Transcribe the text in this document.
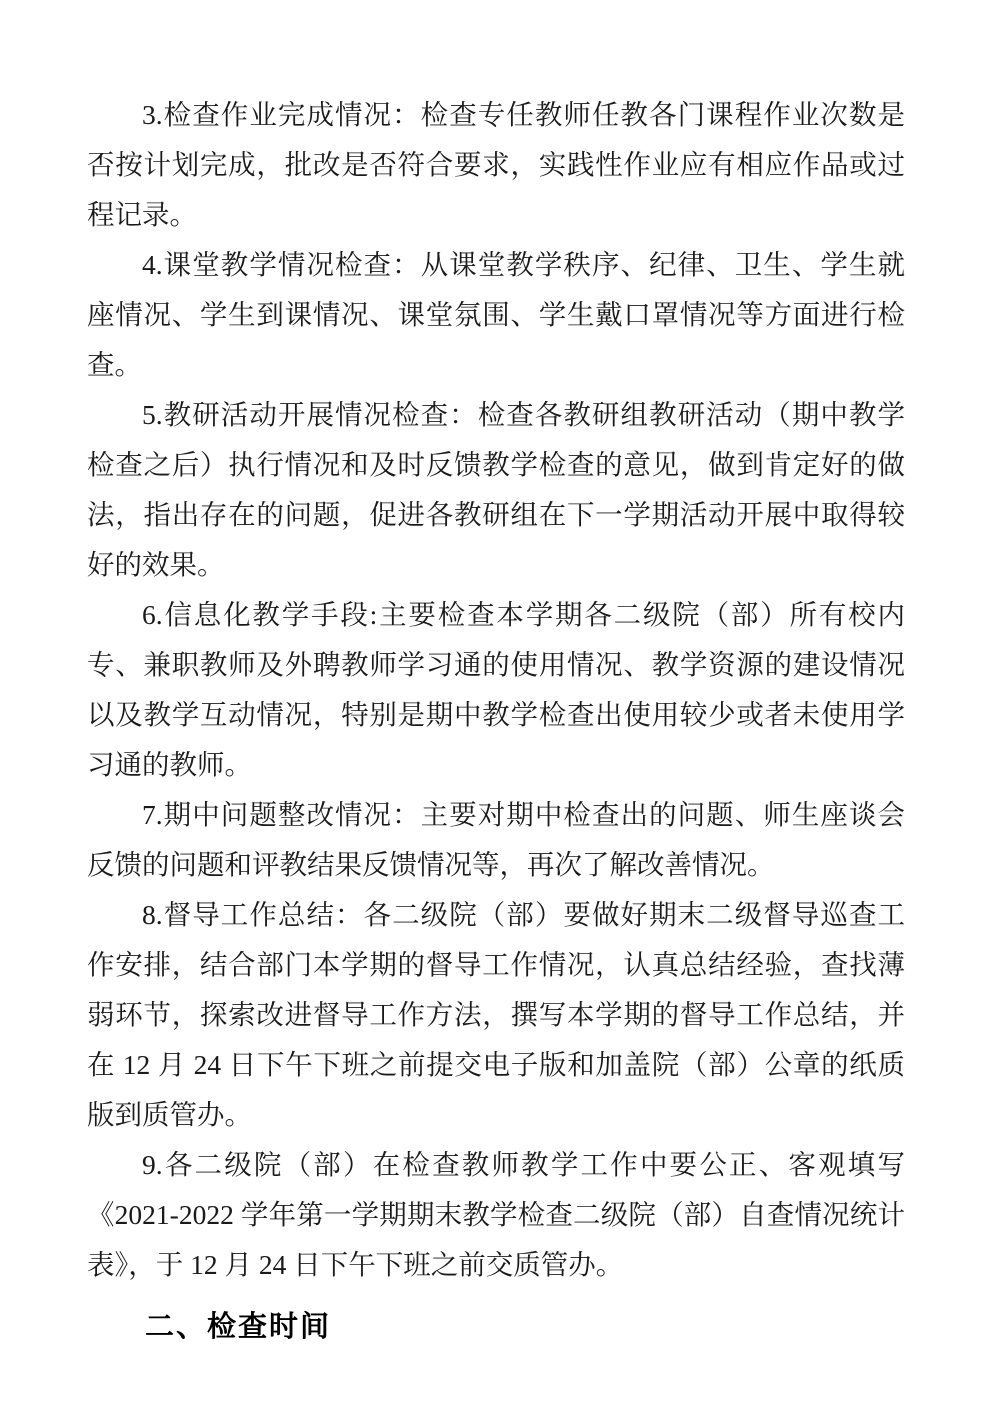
3.检查作业完成情况：检查专任教师任教各门课程作业次数是否按计划完成，批改是否符合要求，实践性作业应有相应作品或过程记录。

4.课堂教学情况检查：从课堂教学秩序、纪律、卫生、学生就座情况、学生到课情况、课堂氛围、学生戴口罩情况等方面进行检查。

5.教研活动开展情况检查：检查各教研组教研活动（期中教学检查之后）执行情况和及时反馈教学检查的意见，做到肯定好的做法，指出存在的问题，促进各教研组在下一学期活动开展中取得较好的效果。

6.信息化教学手段:主要检查本学期各二级院（部）所有校内专、兼职教师及外聘教师学习通的使用情况、教学资源的建设情况以及教学互动情况，特别是期中教学检查出使用较少或者未使用学习通的教师。

7.期中问题整改情况：主要对期中检查出的问题、师生座谈会反馈的问题和评教结果反馈情况等，再次了解改善情况。

8.督导工作总结：各二级院（部）要做好期末二级督导巡查工作安排，结合部门本学期的督导工作情况，认真总结经验，查找薄弱环节，探索改进督导工作方法，撰写本学期的督导工作总结，并在 12 月 24 日下午下班之前提交电子版和加盖院（部）公章的纸质版到质管办。

9.各二级院（部）在检查教师教学工作中要公正、客观填写《2021-2022 学年第一学期期末教学检查二级院（部）自查情况统计表》，于 12 月 24 日下午下班之前交质管办。

二、检查时间
